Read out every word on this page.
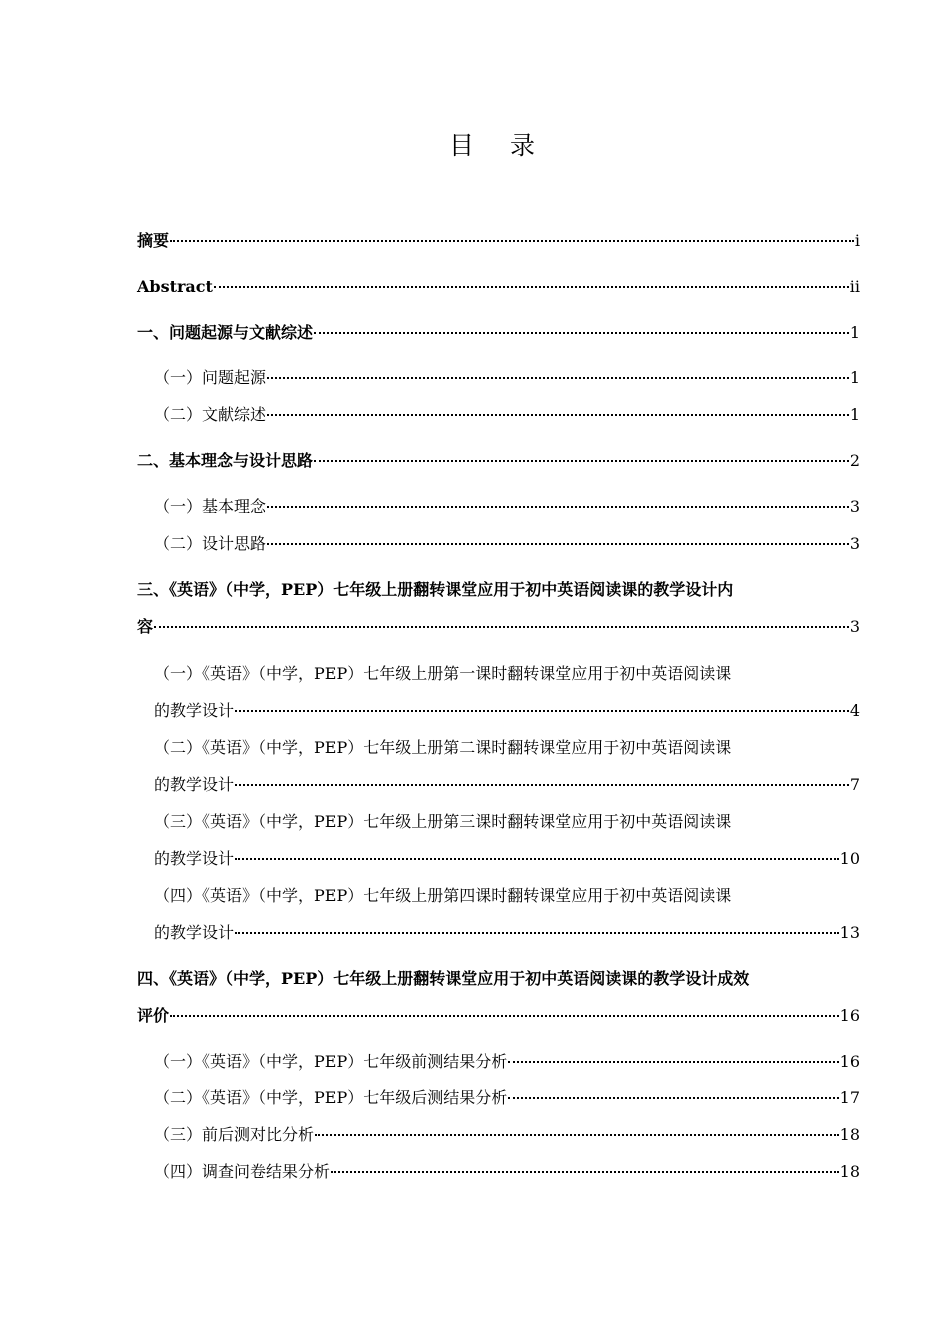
目 录
摘要	i
Abstract	ii
一、问题起源与文献综述	1
（一）问题起源	1
（二）文献综述	1
二、基本理念与设计思路	2
（一）基本理念	3
（二）设计思路	3
三、《英语》（中学，PEP）七年级上册翻转课堂应用于初中英语阅读课的教学设计内
容	3
（一）《英语》（中学，PEP）七年级上册第一课时翻转课堂应用于初中英语阅读课
的教学设计	4
（二）《英语》（中学，PEP）七年级上册第二课时翻转课堂应用于初中英语阅读课
的教学设计	7
（三）《英语》（中学，PEP）七年级上册第三课时翻转课堂应用于初中英语阅读课
的教学设计	10
（四）《英语》（中学，PEP）七年级上册第四课时翻转课堂应用于初中英语阅读课
的教学设计	13
四、《英语》（中学，PEP）七年级上册翻转课堂应用于初中英语阅读课的教学设计成效
评价	16
（一）《英语》（中学，PEP）七年级前测结果分析	16
（二）《英语》（中学，PEP）七年级后测结果分析	17
（三）前后测对比分析	18
（四）调查问卷结果分析	18
